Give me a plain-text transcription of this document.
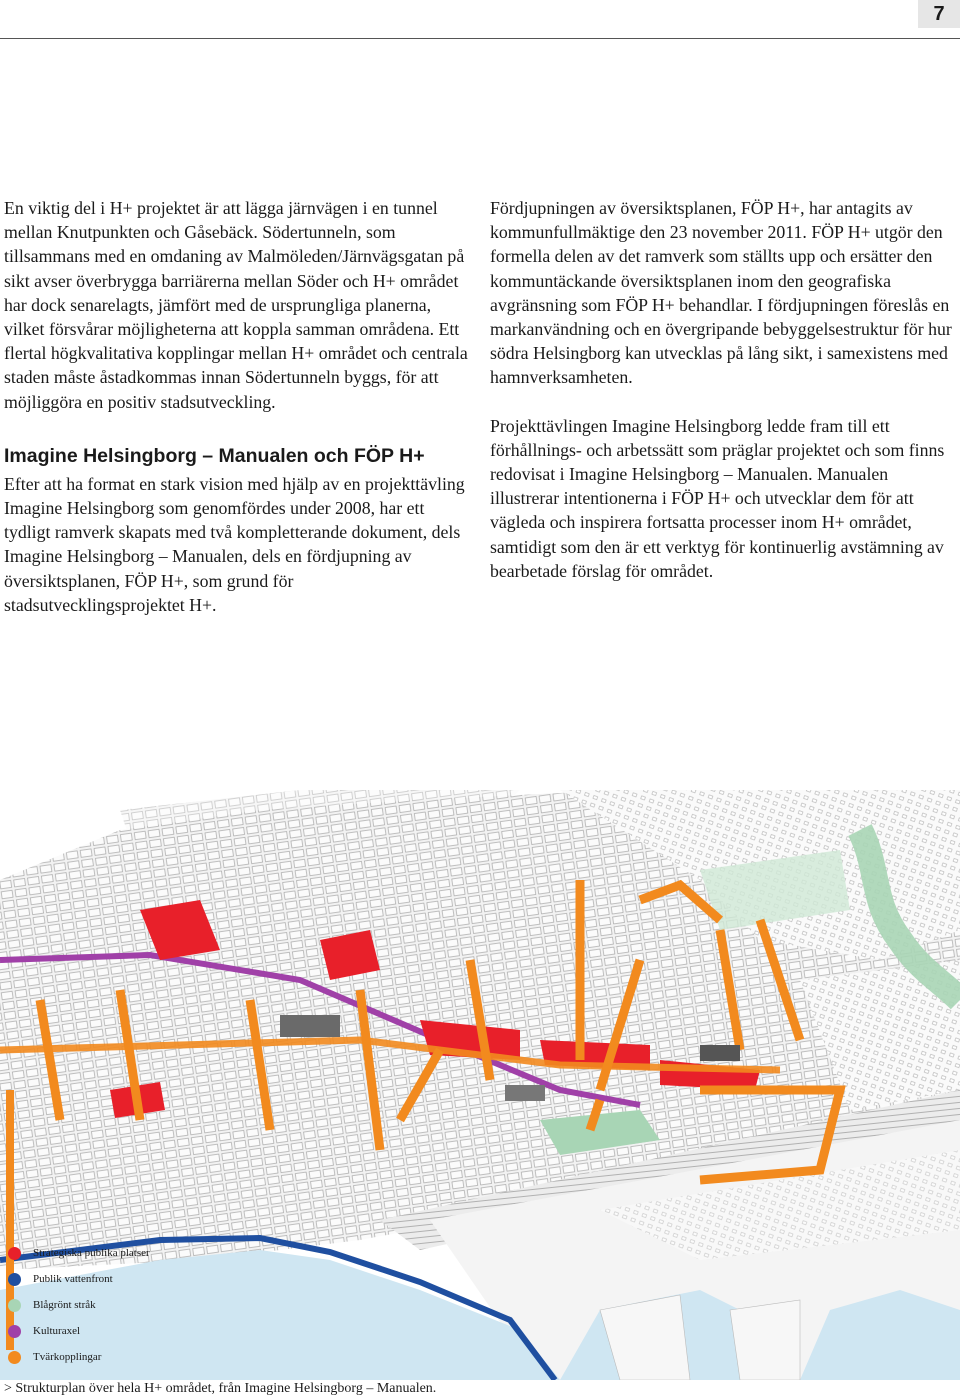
7

En viktig del i H+ projektet är att lägga järnvägen i en tunnel mellan Knutpunkten och Gåsebäck. Södertunneln, som tillsammans med en omdaning av Malmöleden/Järnvägsgatan på sikt avser överbrygga barriärerna mellan Söder och H+ området har dock senarelagts, jämfört med de ursprungliga planerna, vilket försvårar möjligheterna att koppla samman områdena. Ett flertal högkvalitativa kopplingar mellan H+ området och centrala staden måste åstadkommas innan Södertunneln byggs, för att möjliggöra en positiv stadsutveckling.

Imagine Helsingborg – Manualen och FÖP H+

Efter att ha format en stark vision med hjälp av en projekttävling Imagine Helsingborg som genomfördes under 2008, har ett tydligt ramverk skapats med två kompletterande dokument, dels Imagine Helsingborg – Manualen, dels en fördjupning av översiktsplanen, FÖP H+, som grund för stadsutvecklingsprojektet H+.

Fördjupningen av översiktsplanen, FÖP H+, har antagits av kommunfullmäktige den 23 november 2011. FÖP H+ utgör den formella delen av det ramverk som ställts upp och ersätter den kommuntäckande översiktsplanen inom den geografiska avgränsning som FÖP H+ behandlar. I fördjupningen föreslås en markanvändning och en övergripande bebyggelsestruktur för hur södra Helsingborg kan utvecklas på lång sikt, i samexistens med hamnverksamheten.

Projekttävlingen Imagine Helsingborg ledde fram till ett förhållnings- och arbetssätt som präglar projektet och som finns redovisat i Imagine Helsingborg – Manualen. Manualen illustrerar intentionerna i FÖP H+ och utvecklar dem för att vägleda och inspirera fortsatta processer inom H+ området, samtidigt som den är ett verktyg för kontinuerlig avstämning av bearbetade förslag för området.

Strategiska publika platser
Publik vattenfront
Blågrönt stråk
Kulturaxel
Tvärkopplingar
> Strukturplan över hela H+ området, från Imagine Helsingborg – Manualen.
